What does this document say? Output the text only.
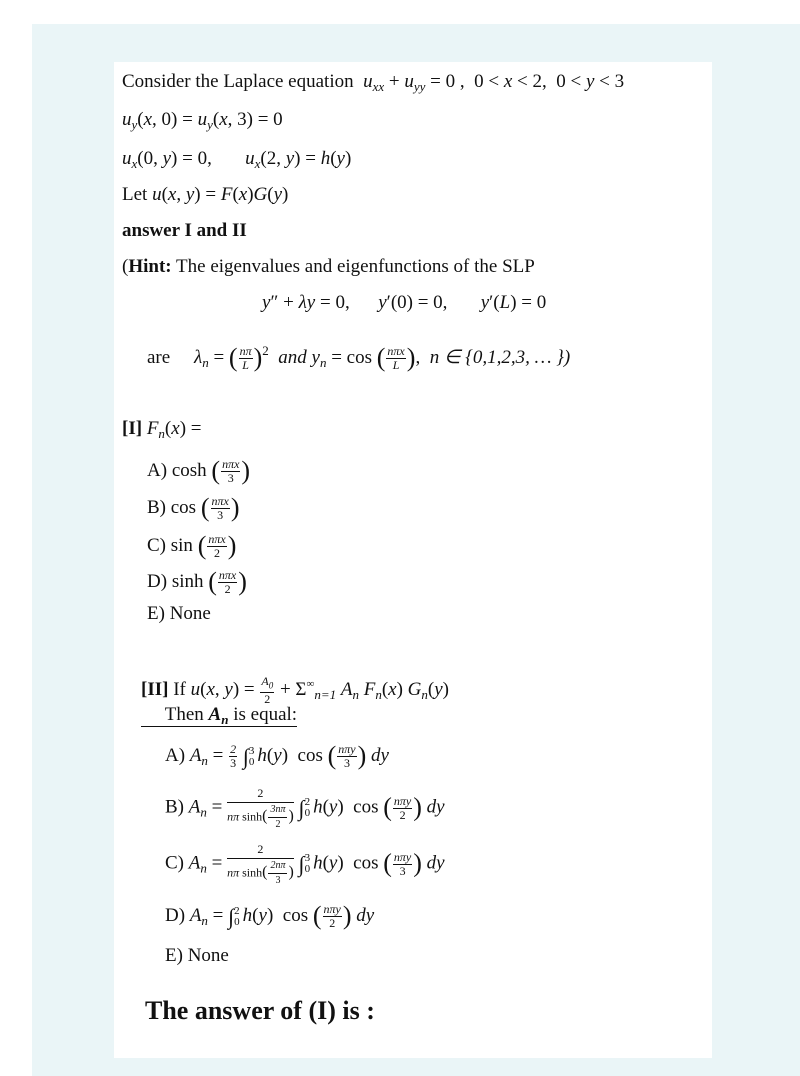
Consider the Laplace equation $u_{xx} + u_{yy} = 0$ ,  0 < x < 2,  0 < y < 3
$u_y(x$, $0) = u_y(x$, 3) = 0
$u_x(0$, y) = 0,       $u_x(2$, y) = h(y)
Let u(x, y) = F(x)G(y)
answer I and II
(Hint: The eigenvalues and eigenfunctions of the SLP
y″ + λy = 0,      y′(0) = 0,       y′(L) = 0
are $\lambda_n$ = ( $\frac{n\pi}{L} )^2$ and $y_n = \cos$ ( $\frac{\text{nπx}}{L}$ ),  n ∈ {0,1,2,3, … })
[I] $F_n(x)$ =
A) cosh ( $\frac{\text{nπx}}{3}$ )
B) cos ( $\frac{\text{nπx}}{3}$ )
C) sin ( $\frac{\text{nπx}}{2}$ )
D) sinh ( $\frac{\text{nπx}}{2}$ )
E) None
[II] If u(x, $y) = \frac{A_0}{2} + \Sigma^\infty_{n=1}$ $A_n$ $F_n(x)$ $G_n(y)$
Then $A_n$ is equal:
A) $A_n = \frac{2}{3}$ ∫ 3
0 h(y)  cos ( $\frac{\text{nπy}}{3}$ ) dy
B) $A_n = \frac{2}{n\pi \sinh( \frac{3n\pi}{2} )}$ ∫ 2
0 h(y)  cos ( $\frac{\text{nπy}}{2}$ ) dy
C) $A_n = \frac{2}{n\pi \sinh( \frac{2n\pi}{3} )}$ ∫ 3
0 h(y)  cos ( $\frac{\text{nπy}}{3}$ ) dy
D) $A_n$ = ∫ 2
0 h(y)  cos ( $\frac{\text{nπy}}{2}$ ) dy
E) None
The answer of (I) is :
